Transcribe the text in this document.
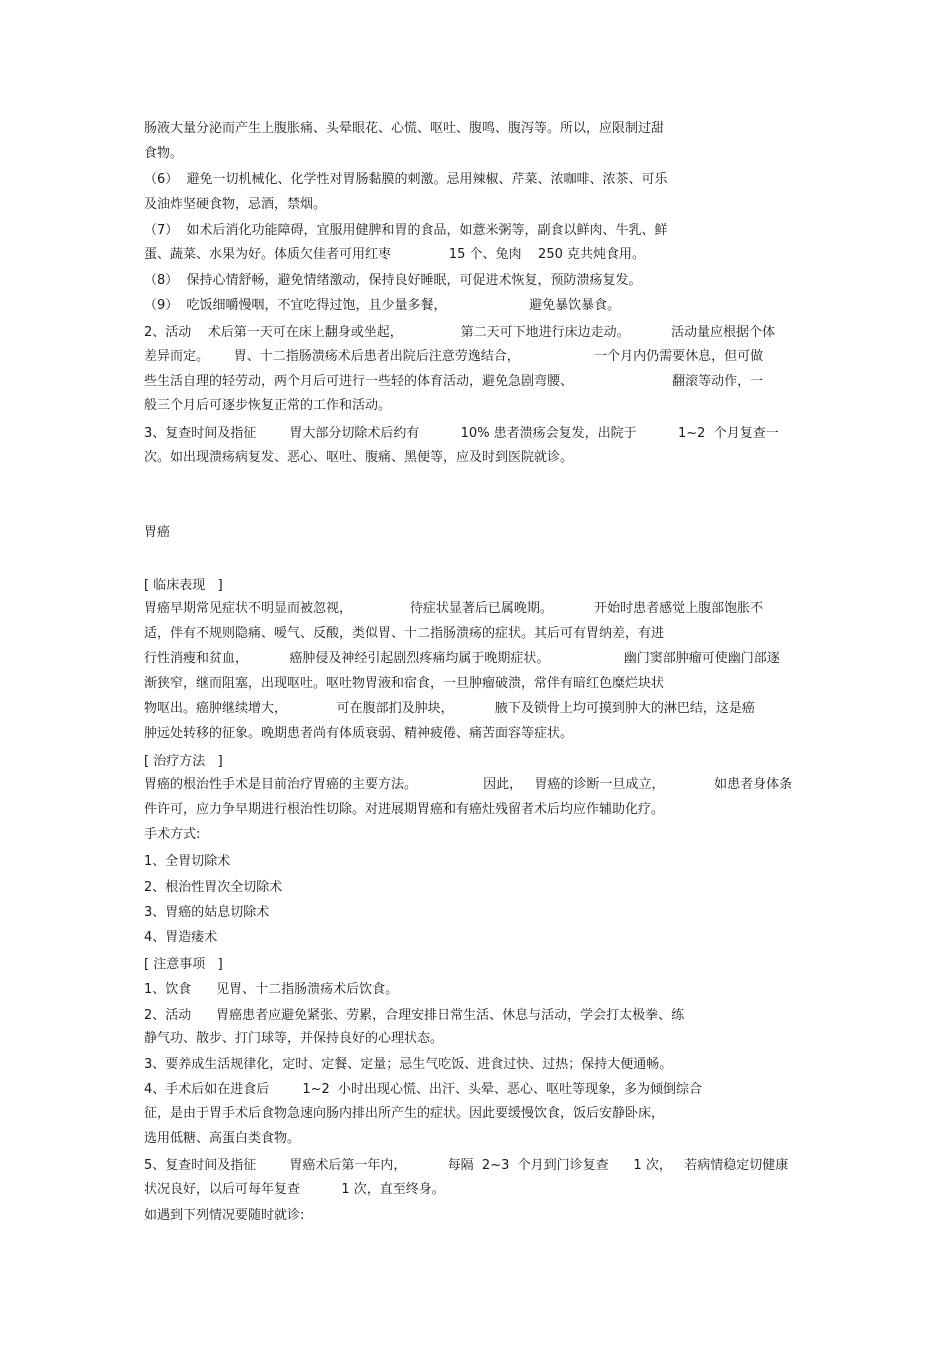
肠液大量分泌而产生上腹胀痛、头晕眼花、心慌、呕吐、腹鸣、腹泻等。所以，应限制过甜
食物。
（6）  避免一切机械化、化学性对胃肠黏膜的刺激。忌用辣椒、芹菜、浓咖啡、浓茶、可乐
及油炸坚硬食物，忌酒，禁烟。
（7）  如术后消化功能障碍，宜服用健脾和胃的食品，如薏米粥等，副食以鲜肉、牛乳、鲜
蛋、蔬菜、水果为好。体质欠佳者可用红枣              15 个、兔肉    250 克共炖食用。
（8）  保持心情舒畅，避免情绪激动，保持良好睡眠，可促进术恢复，预防溃疡复发。
（9）  吃饭细嚼慢咽，不宜吃得过饱，且少量多餐，                    避免暴饮暴食。
2、活动    术后第一天可在床上翻身或坐起，              第二天可下地进行床边走动。          活动量应根据个体
差异而定。      胃、十二指肠溃疡术后患者出院后注意劳逸结合，                  一个月内仍需要休息，但可做
些生活自理的轻劳动，两个月后可进行一些轻的体育活动，避免急剧弯腰、                        翻滚等动作，一
般三个月后可逐步恢复正常的工作和活动。
3、复查时间及指征        胃大部分切除术后约有          10% 患者溃疡会复发，出院于          1~2  个月复查一
次。如出现溃疡病复发、恶心、呕吐、腹痛、黑便等，应及时到医院就诊。
胃癌
[ 临床表现   ]
胃癌早期常见症状不明显而被忽视，              待症状显著后已属晚期。          开始时患者感觉上腹部饱胀不
适，伴有不规则隐痛、嗳气、反酸，类似胃、十二指肠溃疡的症状。其后可有胃纳差，有进
行性消瘦和贫血，          癌肿侵及神经引起剧烈疼痛均属于晚期症状。                  幽门窦部肿瘤可使幽门部逐
渐狭窄，继而阻塞，出现呕吐。呕吐物胃液和宿食，一旦肿瘤破溃，常伴有暗红色糜烂块状
物呕出。癌肿继续增大，            可在腹部扪及肿块，          腋下及锁骨上均可摸到肿大的淋巴结，这是癌
肿远处转移的征象。晚期患者尚有体质衰弱、精神疲倦、痛苦面容等症状。
[ 治疗方法   ]
胃癌的根治性手术是目前治疗胃癌的主要方法。                因此，   胃癌的诊断一旦成立，            如患者身体条
件许可，应力争早期进行根治性切除。对进展期胃癌和有癌灶残留者术后均应作辅助化疗。
手术方式:
1、全胃切除术
2、根治性胃次全切除术
3、胃癌的姑息切除术
4、胃造瘘术
[ 注意事项   ]
1、饮食      见胃、十二指肠溃疡术后饮食。
2、活动      胃癌患者应避免紧张、劳累，合理安排日常生活、休息与活动，学会打太极拳、练
静气功、散步、打门球等，并保持良好的心理状态。
3、要养成生活规律化，定时、定餐、定量；忌生气吃饭、进食过快、过热；保持大便通畅。
4、手术后如在进食后        1~2  小时出现心慌、出汗、头晕、恶心、呕吐等现象，多为倾倒综合
征，是由于胃手术后食物急速向肠内排出所产生的症状。因此要缓慢饮食，饭后安静卧床，
选用低糖、高蛋白类食物。
5、复查时间及指征        胃癌术后第一年内，          每隔  2~3  个月到门诊复查      1 次，   若病情稳定切健康
状况良好，以后可每年复查          1 次，直至终身。
如遇到下列情况要随时就诊:
